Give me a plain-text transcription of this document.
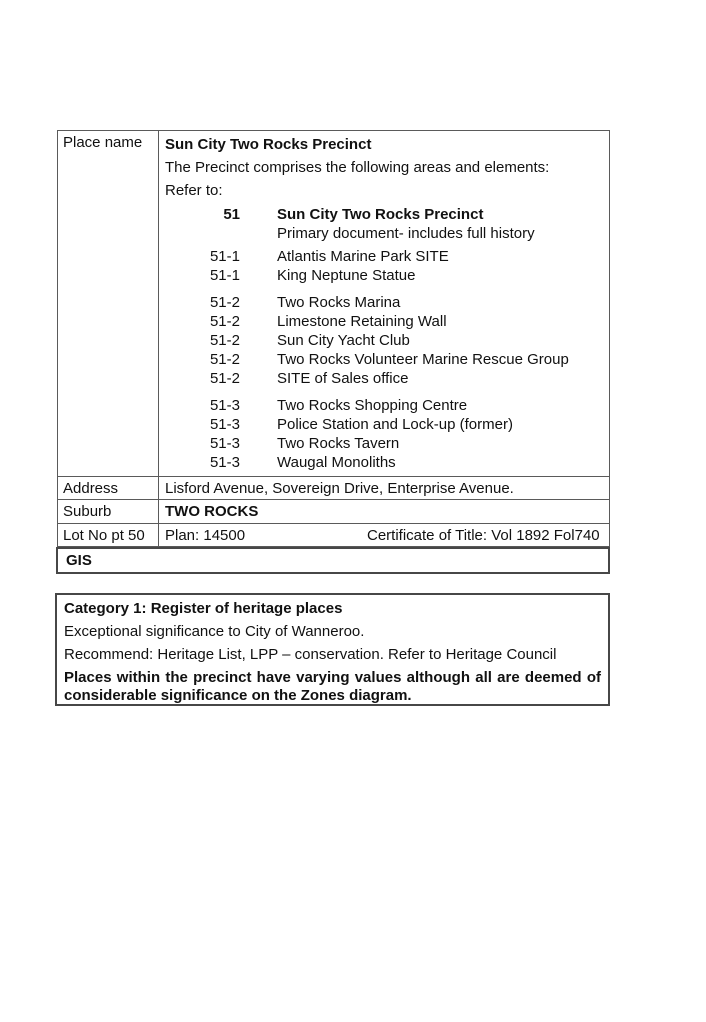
Place name	Sun City Two Rocks Precinct
The Precinct comprises the following areas and elements:
Refer to:
51 Sun City Two Rocks Precinct
Primary document- includes full history
51-1 Atlantis Marine Park SITE
51-1 King Neptune Statue
51-2 Two Rocks Marina
51-2 Limestone Retaining Wall
51-2 Sun City Yacht Club
51-2 Two Rocks Volunteer Marine Rescue Group
51-2 SITE of Sales office
51-3 Two Rocks Shopping Centre
51-3 Police Station and Lock-up (former)
51-3 Two Rocks Tavern
51-3 Waugal Monoliths
Address	Lisford Avenue, Sovereign Drive, Enterprise Avenue.
Suburb	TWO ROCKS
Lot No pt 50	Plan: 14500	Certificate of Title: Vol 1892 Fol740
GIS
Category 1: Register of heritage places
Exceptional significance to City of Wanneroo.
Recommend: Heritage List, LPP – conservation. Refer to Heritage Council
Places within the precinct have varying values although all are deemed of considerable significance on the Zones diagram.
